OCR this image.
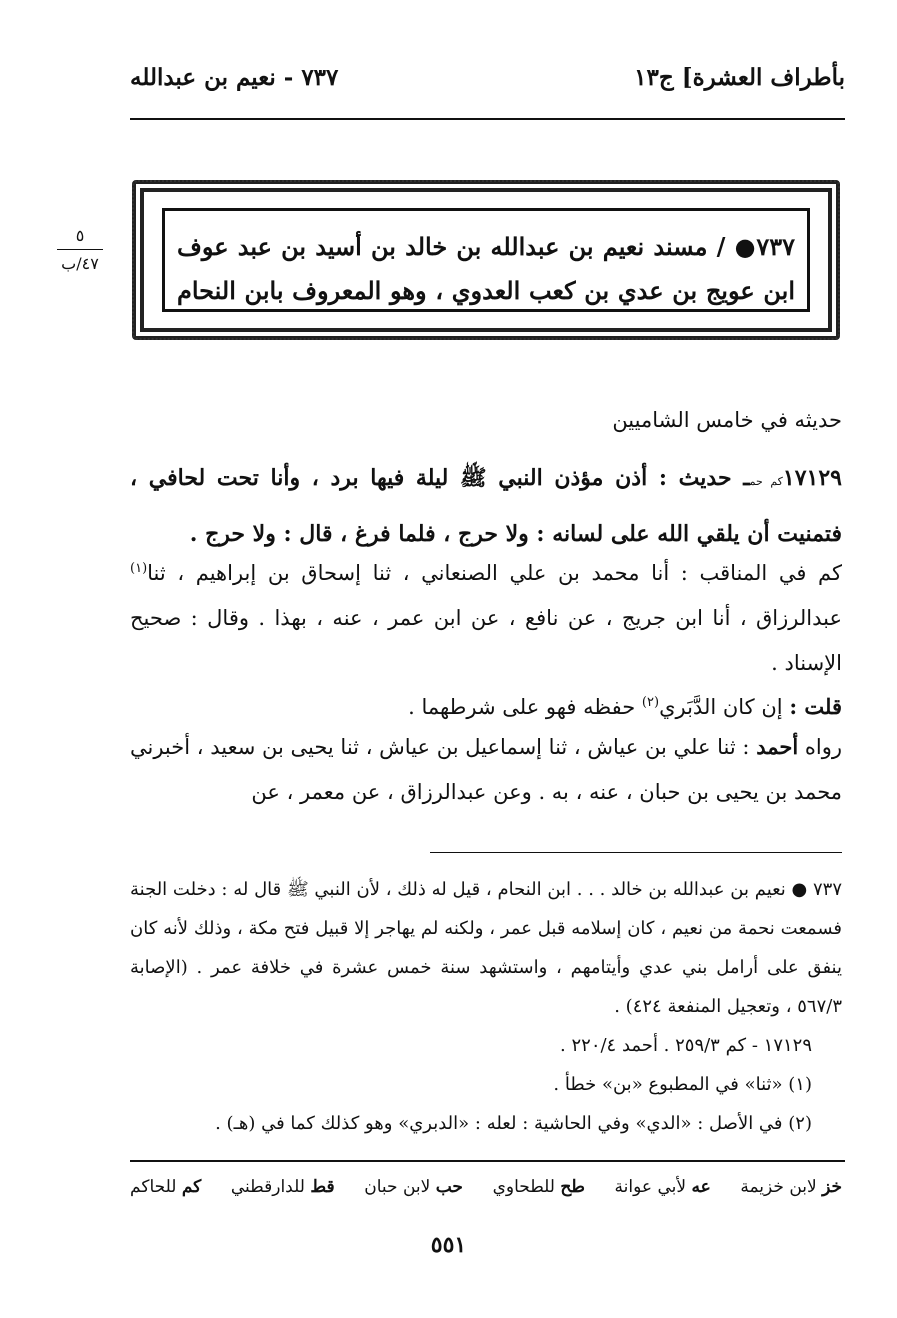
بأطراف العشرة] ج١٣
٧٣٧ - نعيم بن عبدالله
٥
٤٧/ب
٧٣٧● / مسند نعيم بن عبدالله بن خالد بن أسيد بن عبد عوف ابن عويج بن عدي بن كعب العدوي ، وهو المعروف بابن النحام
حديثه في خامس الشاميين
١٧١٢٩كم حمـ حديث : أذن مؤذن النبي ﷺ ليلة فيها برد ، وأنا تحت لحافي ، فتمنيت أن يلقي الله على لسانه : ولا حرج ، فلما فرغ ، قال : ولا حرج .
كم في المناقب : أنا محمد بن علي الصنعاني ، ثنا إسحاق بن إبراهيم ، ثنا$^{(١)}$ عبدالرزاق ، أنا ابن جريج ، عن نافع ، عن ابن عمر ، عنه ، بهذا . وقال : صحيح الإسناد .
قلت : إن كان الدَّبَري$^{(٢)}$ حفظه فهو على شرطهما .
رواه أحمد : ثنا علي بن عياش ، ثنا إسماعيل بن عياش ، ثنا يحيى بن سعيد ، أخبرني محمد بن يحيى بن حبان ، عنه ، به . وعن عبدالرزاق ، عن معمر ، عن

٧٣٧ ● نعيم بن عبدالله بن خالد . . . ابن النحام ، قيل له ذلك ، لأن النبي ﷺ قال له : دخلت الجنة فسمعت نحمة من نعيم ، كان إسلامه قبل عمر ، ولكنه لم يهاجر إلا قبيل فتح مكة ، وذلك لأنه كان ينفق على أرامل بني عدي وأيتامهم ، واستشهد سنة خمس عشرة في خلافة عمر . (الإصابة ٥٦٧/٣ ، وتعجيل المنفعة ٤٢٤) .

١٧١٢٩ - كم ٢٥٩/٣ . أحمد ٢٢٠/٤ .

(١) «ثنا» في المطبوع «بن» خطأ .

(٢) في الأصل : «الدي» وفي الحاشية : لعله : «الدبري» وهو كذلك كما في (هـ) .

خز لابن خزيمة
عه لأبي عوانة
طح للطحاوي
حب لابن حبان
قط للدارقطني
كم للحاكم
٥٥١
